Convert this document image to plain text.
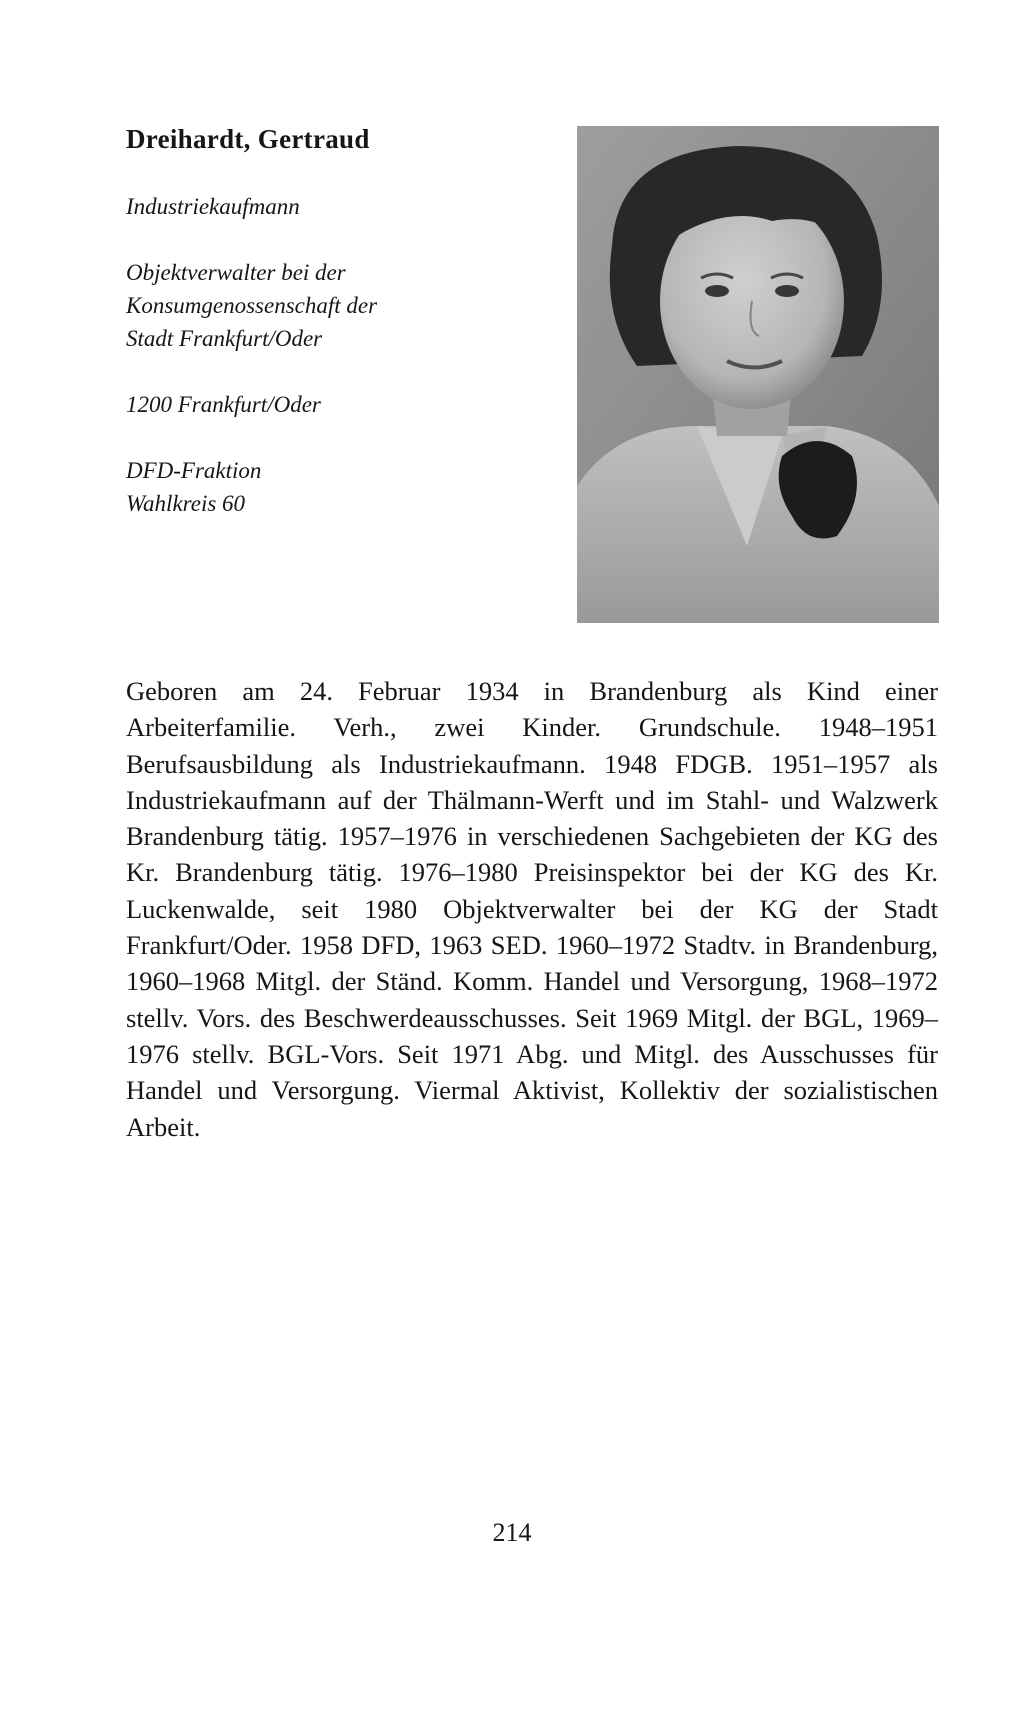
Dreihardt, Gertraud
Industriekaufmann
Objektverwalter bei der
Konsumgenossenschaft der
Stadt Frankfurt/Oder
1200 Frankfurt/Oder
DFD-Fraktion
Wahlkreis 60

Geboren am 24. Februar 1934 in Brandenburg als Kind einer Arbeiterfamilie. Verh., zwei Kinder. Grundschule. 1948–1951 Berufsausbildung als Industriekaufmann. 1948 FDGB. 1951–1957 als Industriekaufmann auf der Thälmann-Werft und im Stahl- und Walzwerk Brandenburg tätig. 1957–1976 in verschiedenen Sachgebieten der KG des Kr. Brandenburg tätig. 1976–1980 Preisinspektor bei der KG des Kr. Luckenwalde, seit 1980 Objektverwalter bei der KG der Stadt Frankfurt/Oder. 1958 DFD, 1963 SED. 1960–1972 Stadtv. in Brandenburg, 1960–1968 Mitgl. der Ständ. Komm. Handel und Versorgung, 1968–1972 stellv. Vors. des Beschwerdeausschusses. Seit 1969 Mitgl. der BGL, 1969–1976 stellv. BGL-Vors. Seit 1971 Abg. und Mitgl. des Ausschusses für Handel und Versorgung. Viermal Aktivist, Kollektiv der sozialistischen Arbeit.

214
